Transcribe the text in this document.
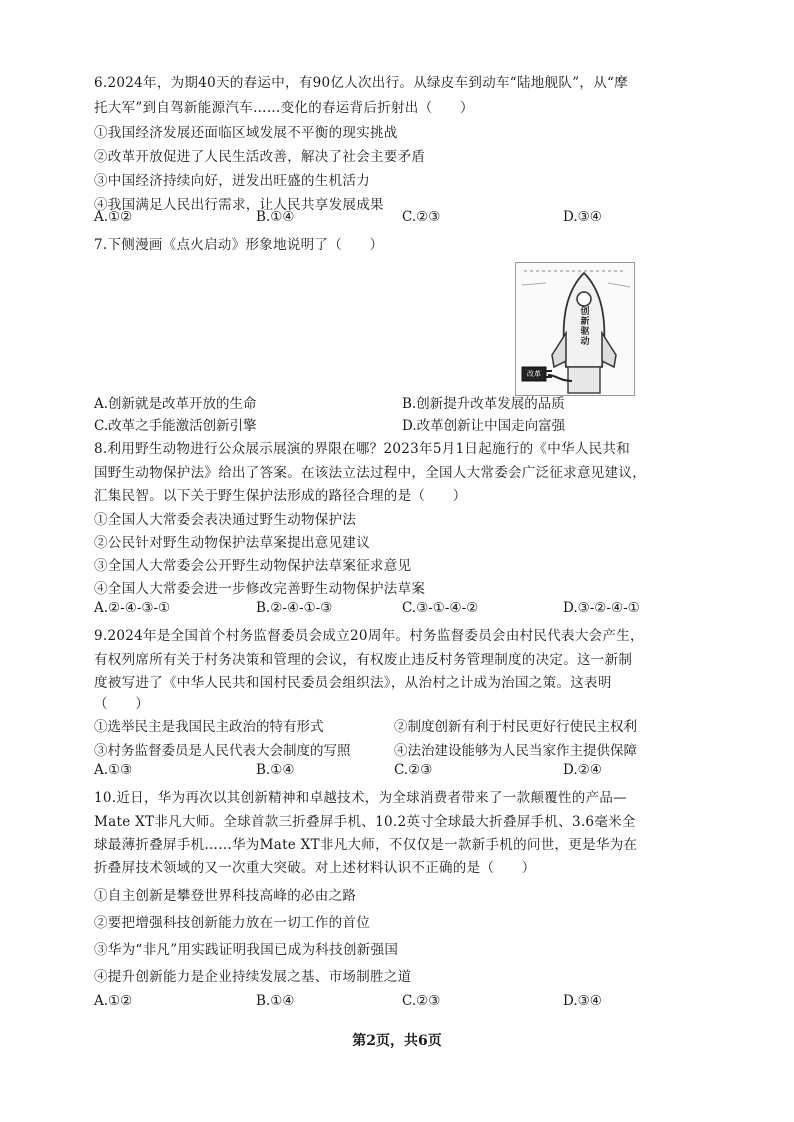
6.2024年，为期40天的春运中，有90亿人次出行。从绿皮车到动车“陆地舰队”，从“摩
托大军”到自驾新能源汽车……变化的春运背后折射出（　　）
①我国经济发展还面临区域发展不平衡的现实挑战
②改革开放促进了人民生活改善，解决了社会主要矛盾
③中国经济持续向好，迸发出旺盛的生机活力
④我国满足人民出行需求，让人民共享发展成果
A.①②	B.①④	C.②③	D.③④
7.下侧漫画《点火启动》形象地说明了（　　）
创新驱动
改革
A.创新就是改革开放的生命	B.创新提升改革发展的品质
C.改革之手能激活创新引擎	D.改革创新让中国走向富强
8.利用野生动物进行公众展示展演的界限在哪？2023年5月1日起施行的《中华人民共和
国野生动物保护法》给出了答案。在该法立法过程中，全国人大常委会广泛征求意见建议，
汇集民智。以下关于野生保护法形成的路径合理的是（　　）
①全国人大常委会表决通过野生动物保护法
②公民针对野生动物保护法草案提出意见建议
③全国人大常委会公开野生动物保护法草案征求意见
④全国人大常委会进一步修改完善野生动物保护法草案
A.②-④-③-①	B.②-④-①-③	C.③-①-④-②	D.③-②-④-①
9.2024年是全国首个村务监督委员会成立20周年。村务监督委员会由村民代表大会产生，
有权列席所有关于村务决策和管理的会议，有权废止违反村务管理制度的决定。这一新制
度被写进了《中华人民共和国村民委员会组织法》，从治村之计成为治国之策。这表明
（　　）
①选举民主是我国民主政治的特有形式	②制度创新有利于村民更好行使民主权利
③村务监督委员是人民代表大会制度的写照	④法治建设能够为人民当家作主提供保障
A.①③	B.①④	C.②③	D.②④
10.近日，华为再次以其创新精神和卓越技术，为全球消费者带来了一款颠覆性的产品—
Mate XT非凡大师。全球首款三折叠屏手机、10.2英寸全球最大折叠屏手机、3.6毫米全
球最薄折叠屏手机……华为Mate XT非凡大师，不仅仅是一款新手机的问世，更是华为在
折叠屏技术领域的又一次重大突破。对上述材料认识不正确的是（　　）
①自主创新是攀登世界科技高峰的必由之路
②要把增强科技创新能力放在一切工作的首位
③华为“非凡”用实践证明我国已成为科技创新强国
④提升创新能力是企业持续发展之基、市场制胜之道
A.①②	B.①④	C.②③	D.③④
第2页，共6页
